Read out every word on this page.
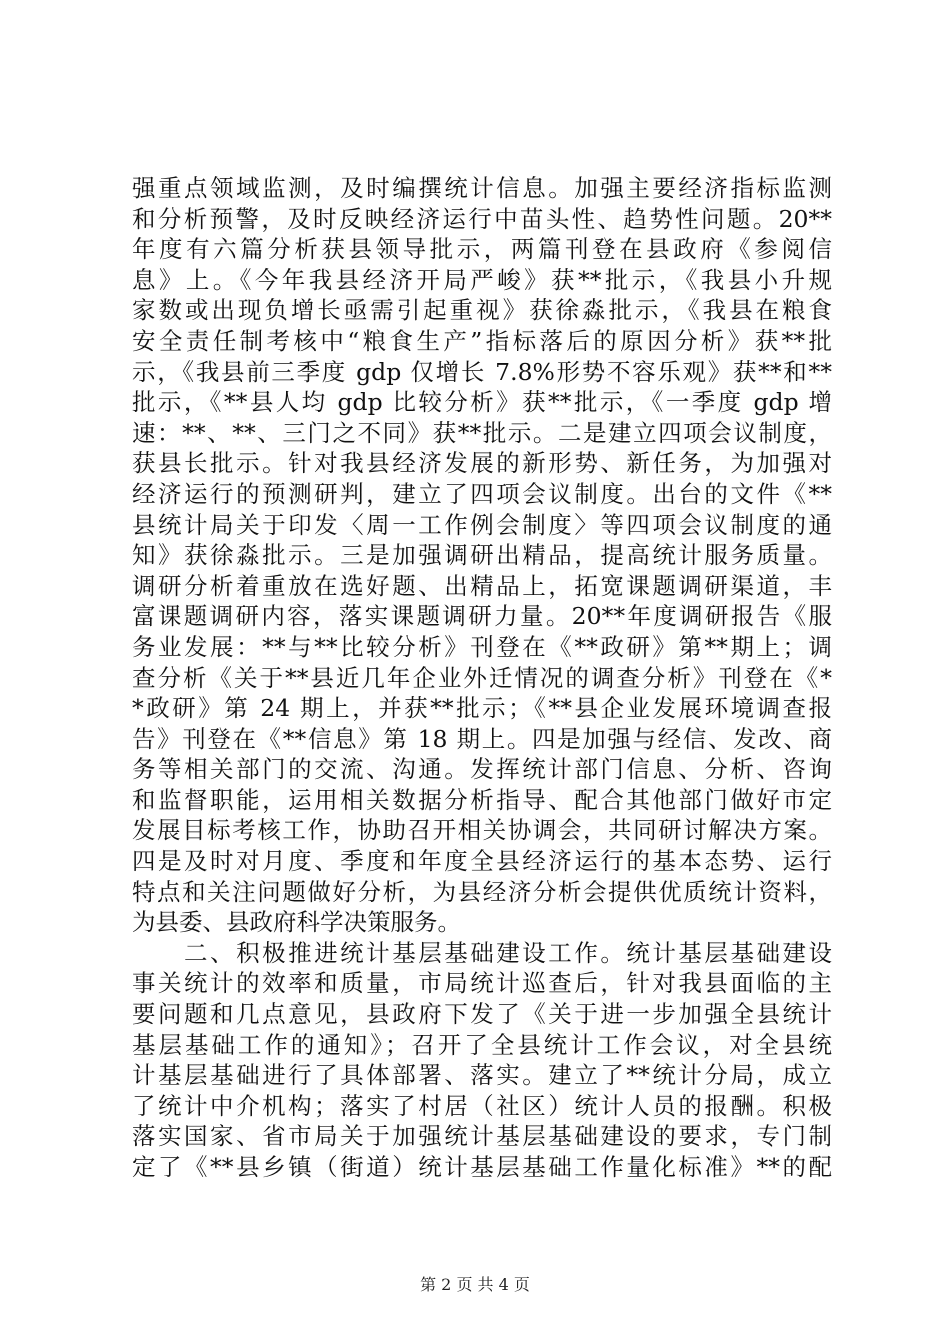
强重点领域监测，及时编撰统计信息。加强主要经济指标监测
和分析预警，及时反映经济运行中苗头性、趋势性问题。20**
年度有六篇分析获县领导批示，两篇刊登在县政府《参阅信
息》上。《今年我县经济开局严峻》获**批示，《我县小升规
家数或出现负增长亟需引起重视》获徐淼批示，《我县在粮食
安全责任制考核中“粮食生产”指标落后的原因分析》获**批
示，《我县前三季度 gdp 仅增长 7.8%形势不容乐观》获**和**
批示，《**县人均 gdp 比较分析》获**批示，《一季度 gdp 增
速：**、**、三门之不同》获**批示。二是建立四项会议制度，
获县长批示。针对我县经济发展的新形势、新任务，为加强对
经济运行的预测研判，建立了四项会议制度。出台的文件《**
县统计局关于印发〈周一工作例会制度〉等四项会议制度的通
知》获徐淼批示。三是加强调研出精品，提高统计服务质量。
调研分析着重放在选好题、出精品上，拓宽课题调研渠道，丰
富课题调研内容，落实课题调研力量。20**年度调研报告《服
务业发展：**与**比较分析》刊登在《**政研》第**期上；调
查分析《关于**县近几年企业外迁情况的调查分析》刊登在《*
*政研》第 24 期上，并获**批示；《**县企业发展环境调查报
告》刊登在《**信息》第 18 期上。四是加强与经信、发改、商
务等相关部门的交流、沟通。发挥统计部门信息、分析、咨询
和监督职能，运用相关数据分析指导、配合其他部门做好市定
发展目标考核工作，协助召开相关协调会，共同研讨解决方案。
四是及时对月度、季度和年度全县经济运行的基本态势、运行
特点和关注问题做好分析，为县经济分析会提供优质统计资料，
为县委、县政府科学决策服务。
　　二、积极推进统计基层基础建设工作。统计基层基础建设
事关统计的效率和质量，市局统计巡查后，针对我县面临的主
要问题和几点意见，县政府下发了《关于进一步加强全县统计
基层基础工作的通知》；召开了全县统计工作会议，对全县统
计基层基础进行了具体部署、落实。建立了**统计分局，成立
了统计中介机构；落实了村居（社区）统计人员的报酬。积极
落实国家、省市局关于加强统计基层基础建设的要求，专门制
定了《**县乡镇（街道）统计基层基础工作量化标准》**的配
第 2 页 共 4 页
